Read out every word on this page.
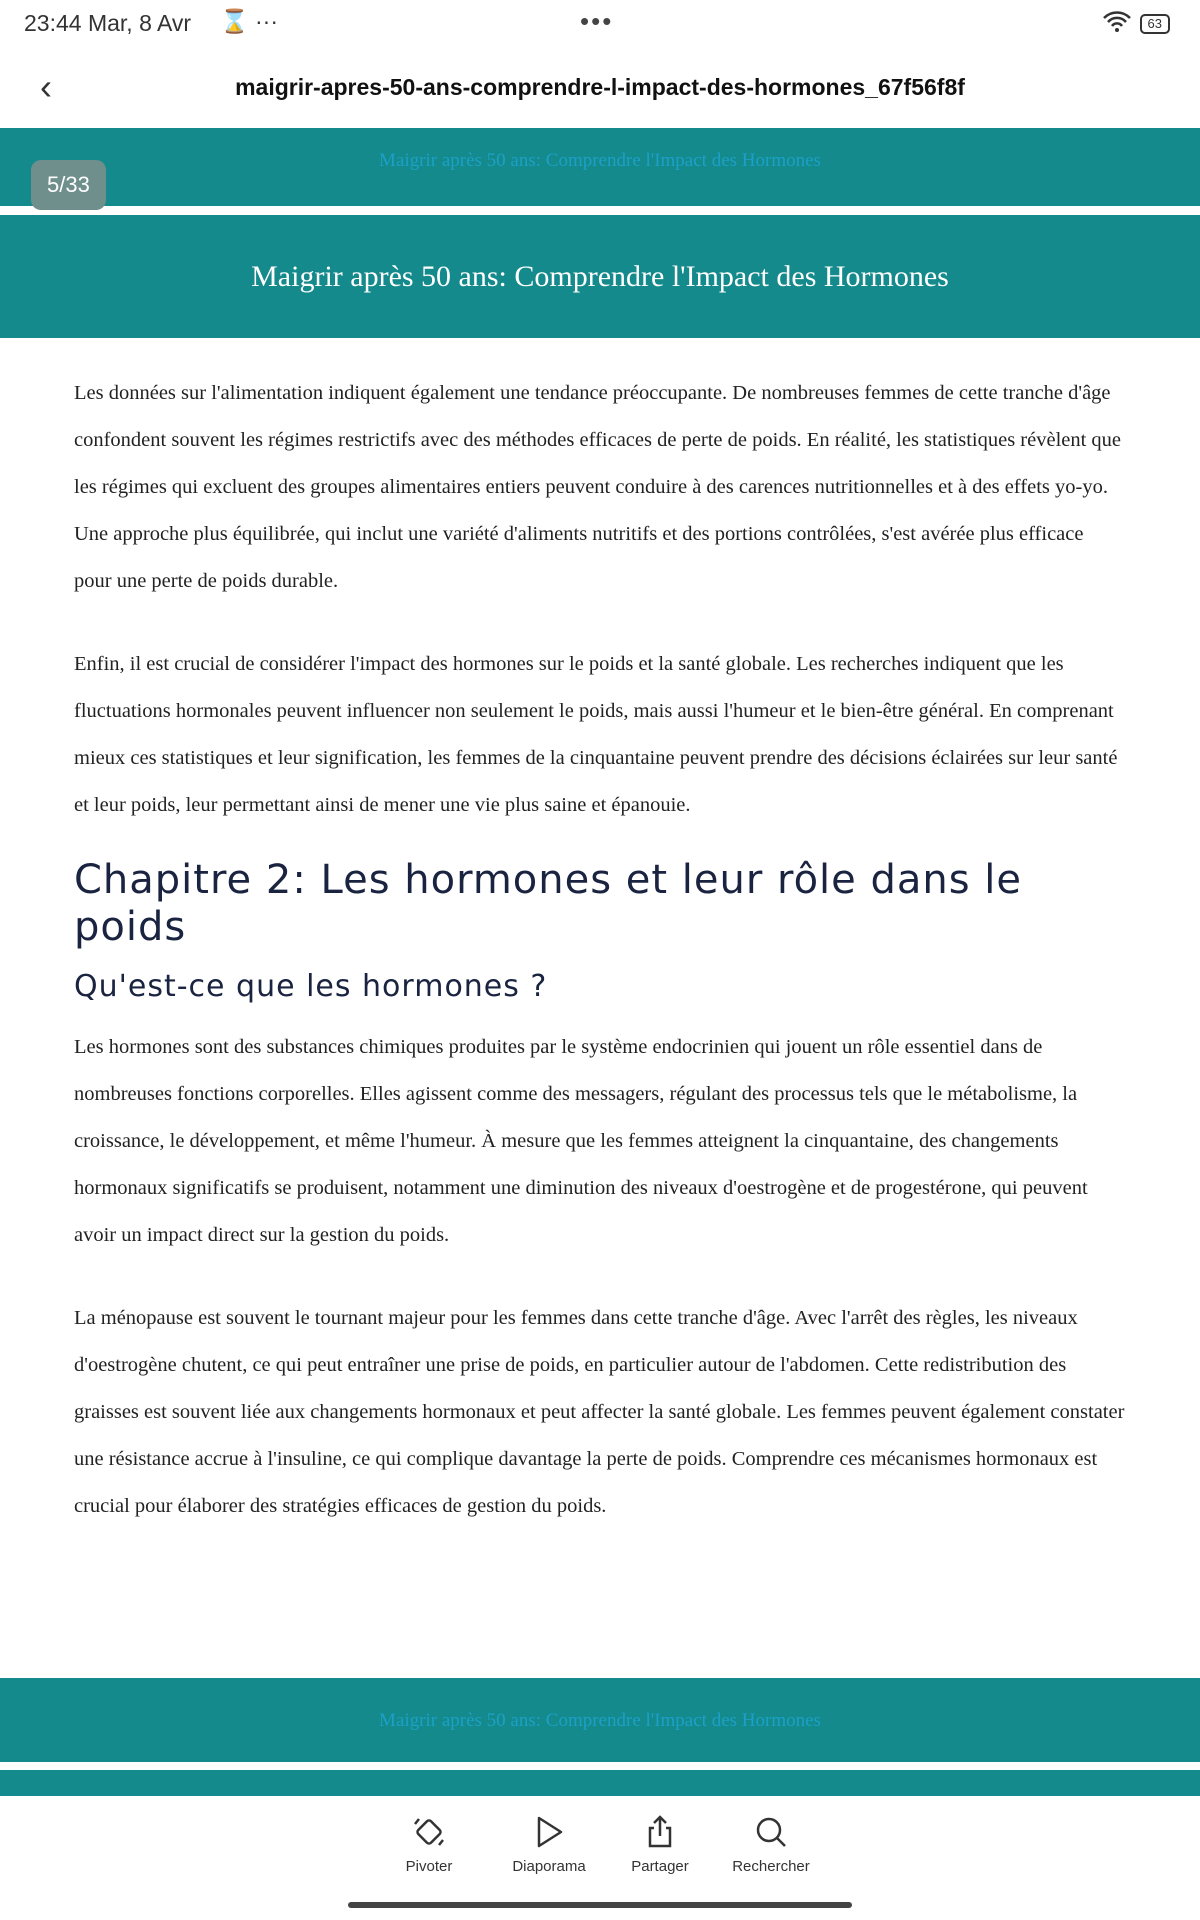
23:44 Mar, 8 Avr ⌛ ···	•••	63
‹	maigrir-apres-50-ans-comprendre-l-impact-des-hormones_67f56f8f
Maigrir après 50 ans: Comprendre l'Impact des Hormones
5/33
Maigrir après 50 ans: Comprendre l'Impact des Hormones

Les données sur l'alimentation indiquent également une tendance préoccupante. De nombreuses femmes de cette tranche d'âge confondent souvent les régimes restrictifs avec des méthodes efficaces de perte de poids. En réalité, les statistiques révèlent que les régimes qui excluent des groupes alimentaires entiers peuvent conduire à des carences nutritionnelles et à des effets yo-yo. Une approche plus équilibrée, qui inclut une variété d'aliments nutritifs et des portions contrôlées, s'est avérée plus efficace pour une perte de poids durable.

Enfin, il est crucial de considérer l'impact des hormones sur le poids et la santé globale. Les recherches indiquent que les fluctuations hormonales peuvent influencer non seulement le poids, mais aussi l'humeur et le bien-être général. En comprenant mieux ces statistiques et leur signification, les femmes de la cinquantaine peuvent prendre des décisions éclairées sur leur santé et leur poids, leur permettant ainsi de mener une vie plus saine et épanouie.

Chapitre 2: Les hormones et leur rôle dans le poids
Qu'est-ce que les hormones ?

Les hormones sont des substances chimiques produites par le système endocrinien qui jouent un rôle essentiel dans de nombreuses fonctions corporelles. Elles agissent comme des messagers, régulant des processus tels que le métabolisme, la croissance, le développement, et même l'humeur. À mesure que les femmes atteignent la cinquantaine, des changements hormonaux significatifs se produisent, notamment une diminution des niveaux d'oestrogène et de progestérone, qui peuvent avoir un impact direct sur la gestion du poids.

La ménopause est souvent le tournant majeur pour les femmes dans cette tranche d'âge. Avec l'arrêt des règles, les niveaux d'oestrogène chutent, ce qui peut entraîner une prise de poids, en particulier autour de l'abdomen. Cette redistribution des graisses est souvent liée aux changements hormonaux et peut affecter la santé globale. Les femmes peuvent également constater une résistance accrue à l'insuline, ce qui complique davantage la perte de poids. Comprendre ces mécanismes hormonaux est crucial pour élaborer des stratégies efficaces de gestion du poids.

Maigrir après 50 ans: Comprendre l'Impact des Hormones
Pivoter	Diaporama	Partager	Rechercher
